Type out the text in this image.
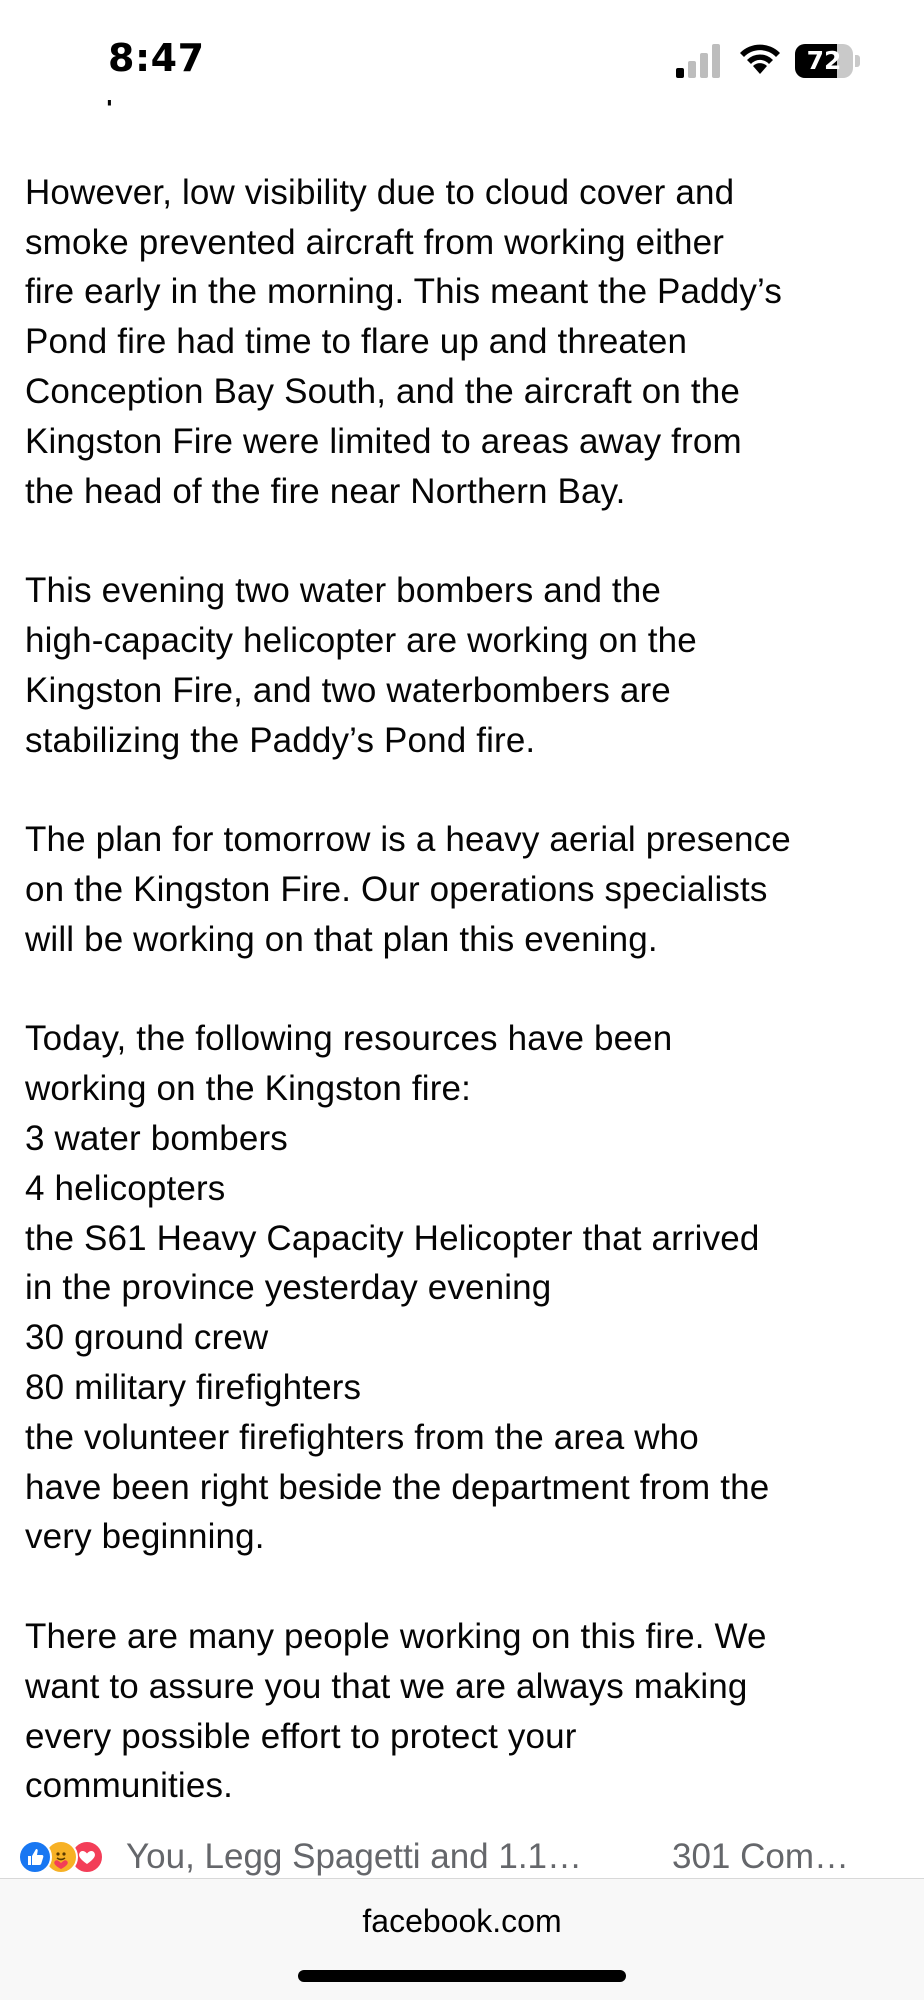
However, low visibility due to cloud cover and
smoke prevented aircraft from working either
fire early in the morning. This meant the Paddy’s
Pond fire had time to flare up and threaten
Conception Bay South, and the aircraft on the
Kingston Fire were limited to areas away from
the head of the fire near Northern Bay.

This evening two water bombers and the
high-capacity helicopter are working on the
Kingston Fire, and two waterbombers are
stabilizing the Paddy’s Pond fire.

The plan for tomorrow is a heavy aerial presence
on the Kingston Fire. Our operations specialists
will be working on that plan this evening.

Today, the following resources have been
working on the Kingston fire:
3 water bombers
4 helicopters
the S61 Heavy Capacity Helicopter that arrived
in the province yesterday evening
30 ground crew
80 military firefighters
the volunteer firefighters from the area who
have been right beside the department from the
very beginning.

There are many people working on this fire. We
want to assure you that we are always making
every possible effort to protect your
communities.

8:47	72
You, Legg Spagetti and 1.1…	301 Com…
facebook.com
